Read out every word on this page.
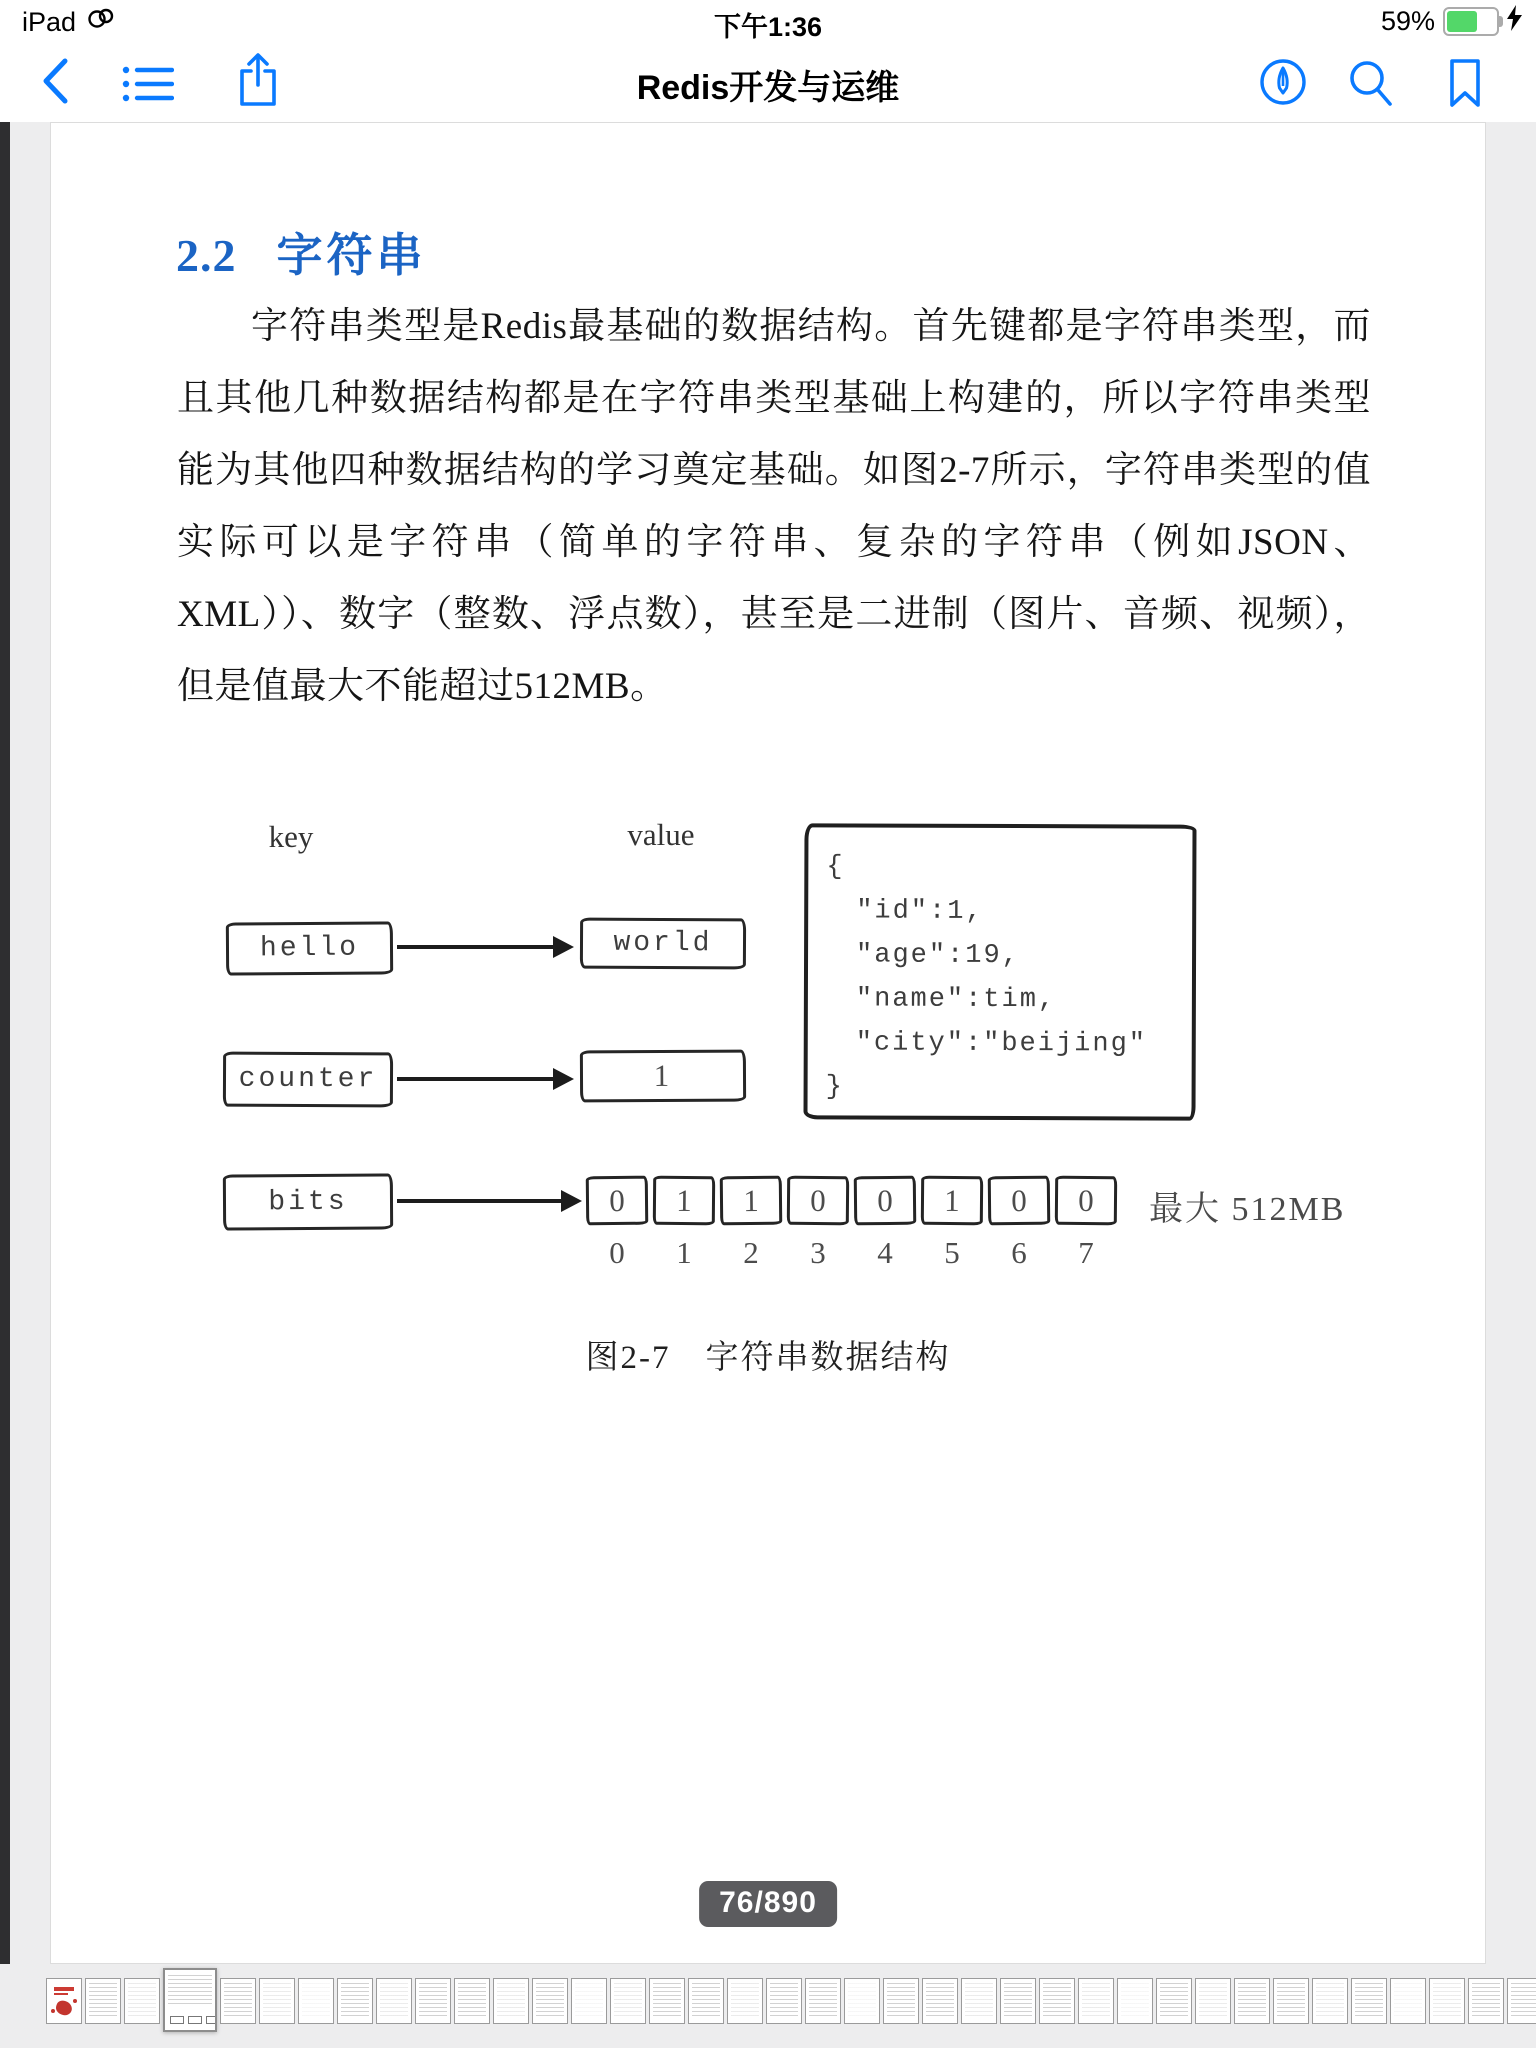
iPad	下午1:36	59%
Redis开发与运维
2.2 字符串

字符串类型是Redis最基础的数据结构。首先键都是字符串类型，而且其他几种数据结构都是在字符串类型基础上构建的，所以字符串类型能为其他四种数据结构的学习奠定基础。如图2-7所示，字符串类型的值实际可以是字符串（简单的字符串、复杂的字符串（例如JSON、XML））、数字（整数、浮点数），甚至是二进制（图片、音频、视频），但是值最大不能超过512MB。

key	value
hello	world
{
"id":1,
"age":19,
"name":tim,
"city":"beijing"
}
counter	1
bits	0	1	1	0	0	1	0	0
0	1	2	3	4	5	6	7
最大 512MB
图2-7　字符串数据结构
76/890
